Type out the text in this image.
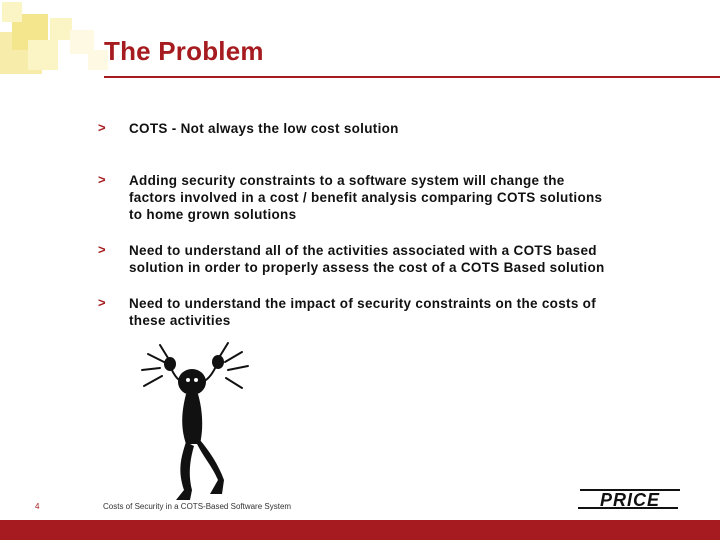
The Problem
> COTS - Not always the low cost solution
> Adding security constraints to a software system will change the
factors involved in a cost / benefit analysis comparing COTS solutions
to home grown solutions
> Need to understand all of the activities associated with a COTS based
solution in order to properly assess the cost of a COTS Based solution
> Need to understand the impact of security constraints on the costs of
these activities
4	Costs of Security in a COTS-Based Software System	PRICE
